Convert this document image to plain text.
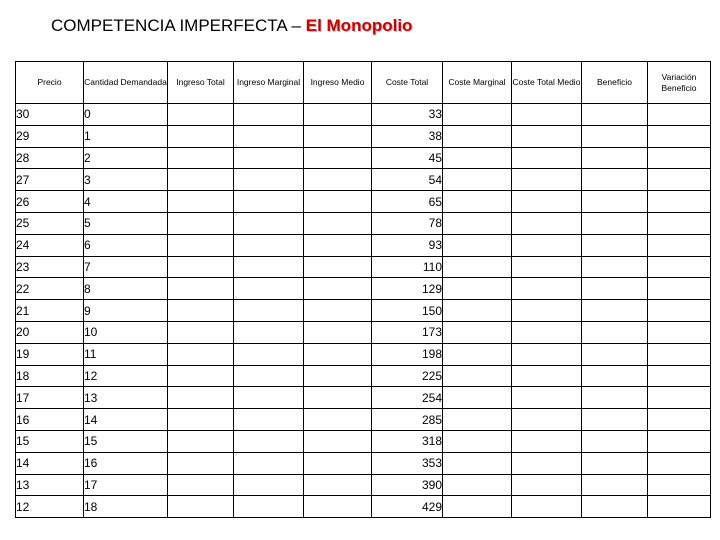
COMPETENCIA IMPERFECTA – El Monopolio
Precio	Cantidad Demandada	Ingreso Total	Ingreso Marginal	Ingreso Medio	Coste Total	Coste Marginal	Coste Total Medio	Beneficio	Variación Beneficio
30	0				33				
29	1				38				
28	2				45				
27	3				54				
26	4				65				
25	5				78				
24	6				93				
23	7				110				
22	8				129				
21	9				150				
20	10				173				
19	11				198				
18	12				225				
17	13				254				
16	14				285				
15	15				318				
14	16				353				
13	17				390				
12	18				429				
